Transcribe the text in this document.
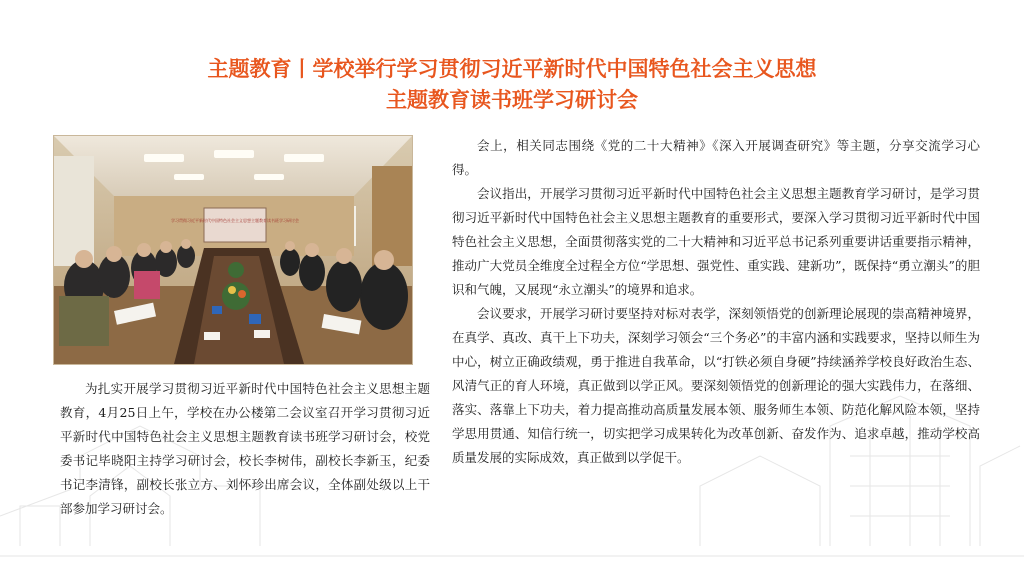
主题教育丨学校举行学习贯彻习近平新时代中国特色社会主义思想
主题教育读书班学习研讨会
学习贯彻习近平新时代中国特色社会主义思想主题教育读书班学习研讨会

为扎实开展学习贯彻习近平新时代中国特色社会主义思想主题教育，4月25日上午，学校在办公楼第二会议室召开学习贯彻习近平新时代中国特色社会主义思想主题教育读书班学习研讨会，校党委书记毕晓阳主持学习研讨会，校长李树伟，副校长李新玉，纪委书记李清锋，副校长张立方、刘怀珍出席会议，全体副处级以上干部参加学习研讨会。

会上，相关同志围绕《党的二十大精神》《深入开展调查研究》等主题，分享交流学习心得。

会议指出，开展学习贯彻习近平新时代中国特色社会主义思想主题教育学习研讨，是学习贯彻习近平新时代中国特色社会主义思想主题教育的重要形式，要深入学习贯彻习近平新时代中国特色社会主义思想，全面贯彻落实党的二十大精神和习近平总书记系列重要讲话重要指示精神，推动广大党员全维度全过程全方位“学思想、强党性、重实践、建新功”，既保持“勇立潮头”的胆识和气魄，又展现“永立潮头”的境界和追求。

会议要求，开展学习研讨要坚持对标对表学，深刻领悟党的创新理论展现的崇高精神境界，在真学、真改、真干上下功夫，深刻学习领会“三个务必”的丰富内涵和实践要求，坚持以师生为中心，树立正确政绩观，勇于推进自我革命，以“打铁必须自身硬”持续涵养学校良好政治生态、风清气正的育人环境，真正做到以学正风。要深刻领悟党的创新理论的强大实践伟力，在落细、落实、落靠上下功夫，着力提高推动高质量发展本领、服务师生本领、防范化解风险本领，坚持学思用贯通、知信行统一，切实把学习成果转化为改革创新、奋发作为、追求卓越，推动学校高质量发展的实际成效，真正做到以学促干。
